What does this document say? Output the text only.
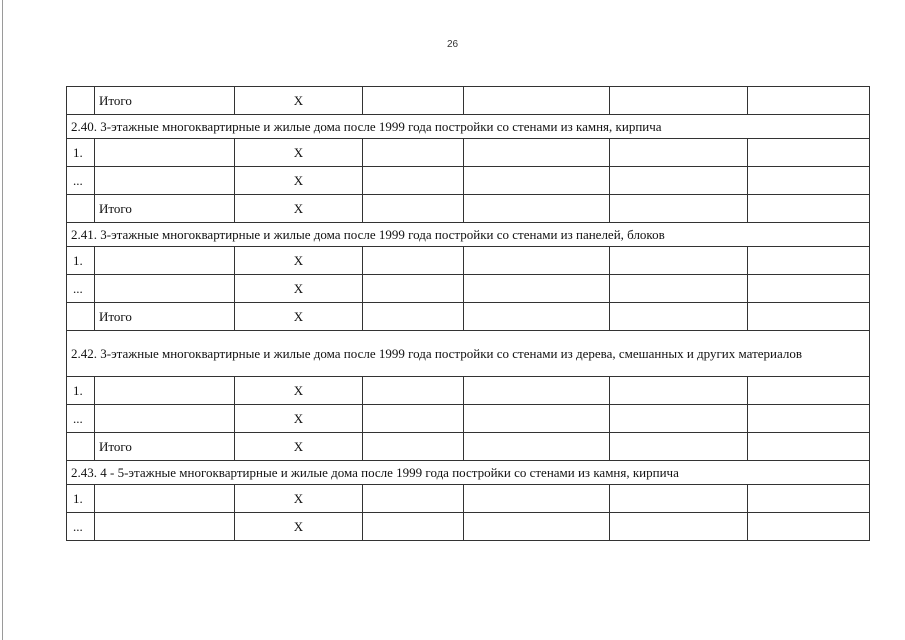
26
	Итого	Х				
2.40. 3-этажные многоквартирные и жилые дома после 1999 года постройки со стенами из камня, кирпича						
1.		Х				
...		Х				
	Итого	Х				
2.41. 3-этажные многоквартирные и жилые дома после 1999 года постройки со стенами из панелей, блоков						
1.		Х				
...		Х				
	Итого	Х				
2.42. 3-этажные многоквартирные и жилые дома после 1999 года постройки со стенами из дерева, смешанных и других материалов						
1.		Х				
...		Х				
	Итого	Х				
2.43. 4 - 5-этажные многоквартирные и жилые дома после 1999 года постройки со стенами из камня, кирпича						
1.		Х				
...		Х				
